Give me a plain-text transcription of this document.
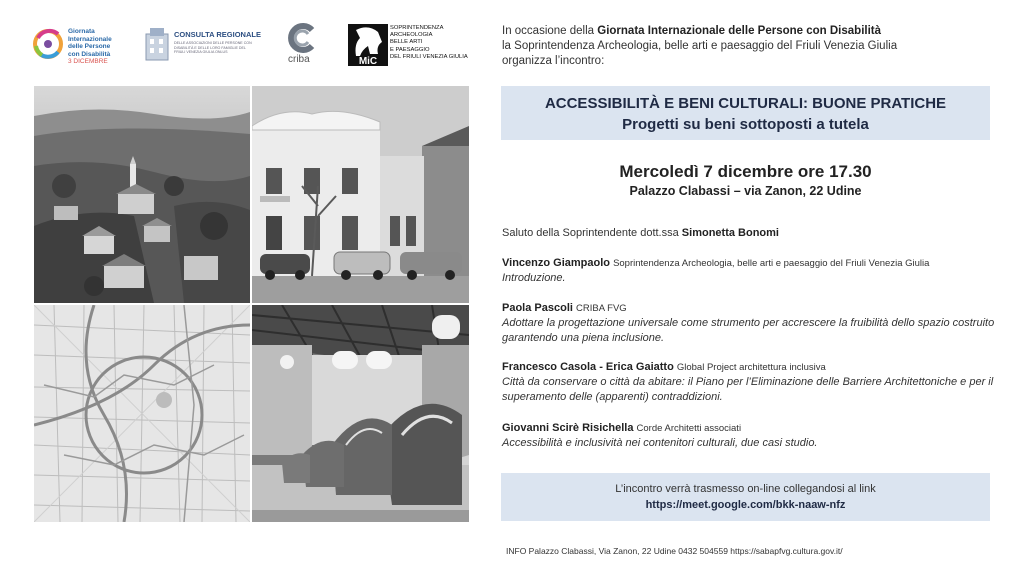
Giornata
Internazionale
delle Persone
con Disabilità
3 DICEMBRE
CONSULTA REGIONALE
DELLE ASSOCIAZIONI DELLE PERSONE CON DISABILITÀ E DELLE LORO FAMIGLIE DEL FRIULI VENEZIA GIULIA ONLUS
criba	MiC
SOPRINTENDENZA
ARCHEOLOGIA
BELLE ARTI
E PAESAGGIO
DEL FRIULI VENEZIA GIULIA
In occasione della Giornata Internazionale delle Persone con Disabilità
la Soprintendenza Archeologia, belle arti e paesaggio del Friuli Venezia Giulia
organizza l’incontro:
ACCESSIBILITÀ E BENI CULTURALI: BUONE PRATICHE
Progetti su beni sottoposti a tutela
Mercoledì 7 dicembre ore 17.30
Palazzo Clabassi – via Zanon, 22 Udine
Saluto della Soprintendente dott.ssa Simonetta Bonomi
Vincenzo Giampaolo Soprintendenza Archeologia, belle arti e paesaggio del Friuli Venezia Giulia
Introduzione.
Paola Pascoli CRIBA FVG
Adottare la progettazione universale come strumento per accrescere la fruibilità dello spazio costruito garantendo una piena inclusione.
Francesco Casola - Erica Gaiatto Global Project architettura inclusiva
Città da conservare o città da abitare: il Piano per l’Eliminazione delle Barriere Architettoniche e per il superamento delle (apparenti) contraddizioni.
Giovanni Scirè Risichella Corde Architetti associati
Accessibilità e inclusività nei contenitori culturali, due casi studio.
L’incontro verrà trasmesso on-line collegandosi al link
https://meet.google.com/bkk-naaw-nfz
INFO Palazzo Clabassi, Via Zanon, 22 Udine 0432 504559 https://sabapfvg.cultura.gov.it/
